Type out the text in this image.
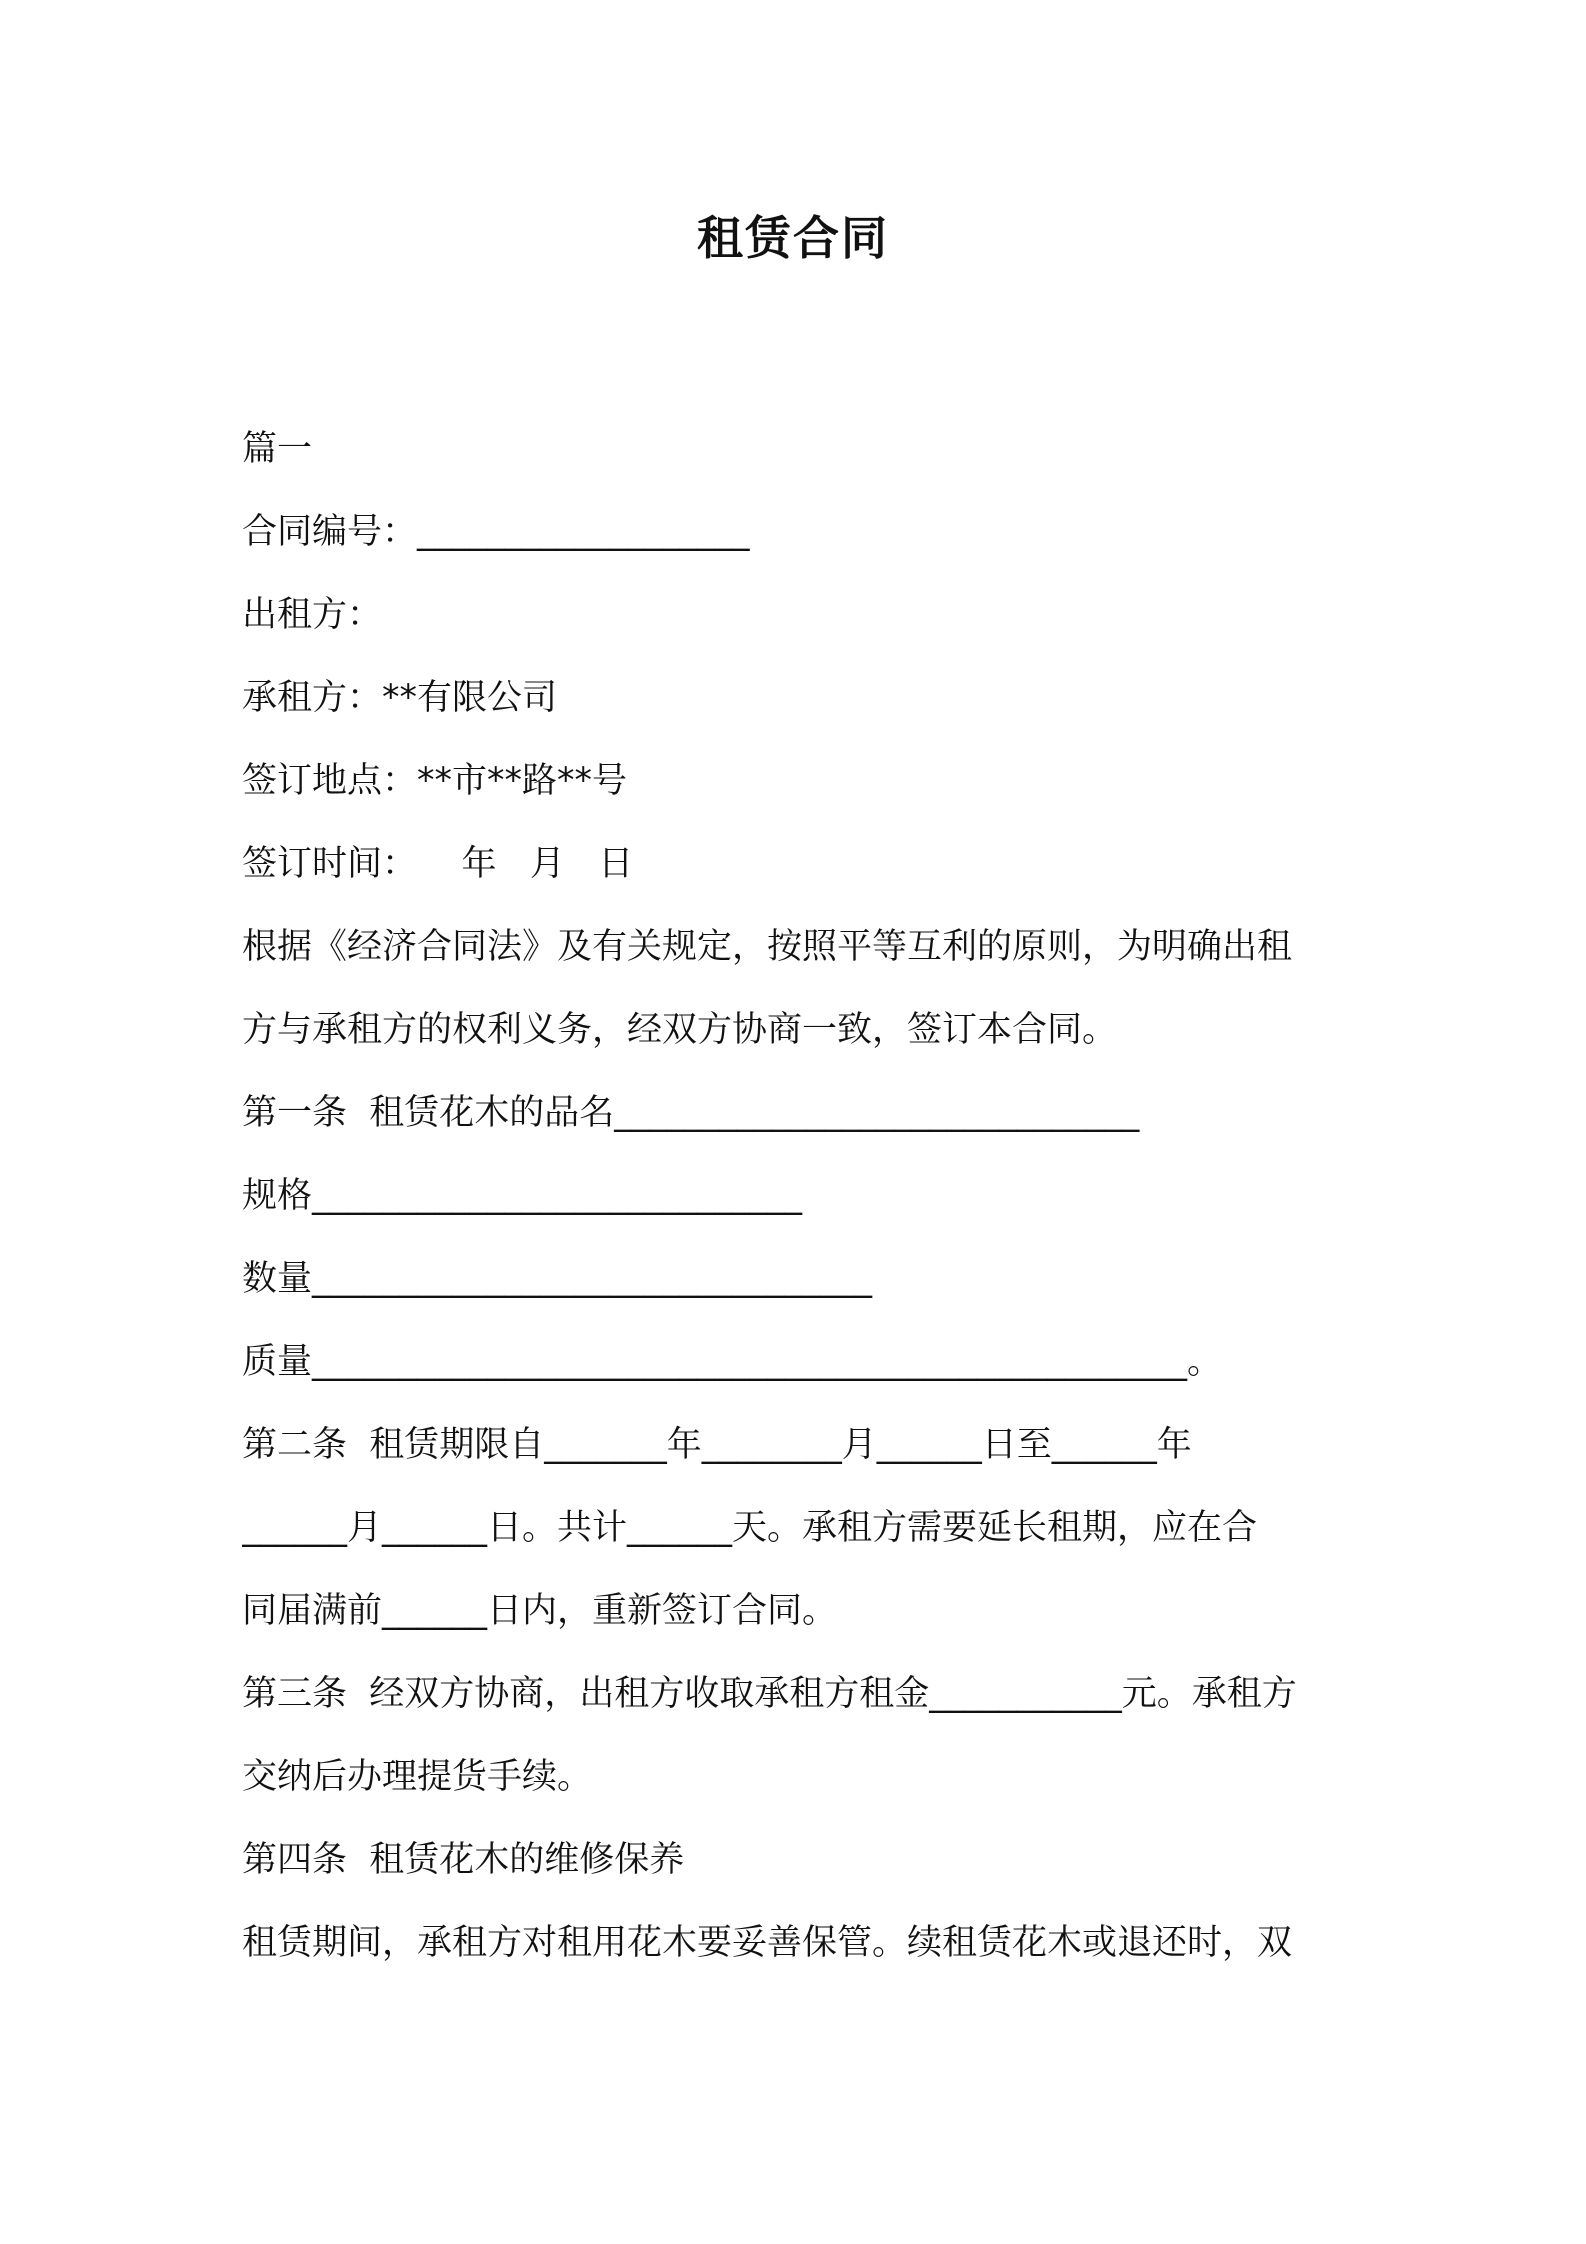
租赁合同
篇一
合同编号：___________________
出租方：
承租方：**有限公司
签订地点：**市**路**号
签订时间：    年   月   日
根据《经济合同法》及有关规定，按照平等互利的原则，为明确出租
方与承租方的权利义务，经双方协商一致，签订本合同。
第一条  租赁花木的品名______________________________
规格____________________________
数量________________________________
质量__________________________________________________。
第二条  租赁期限自_______年________月______日至______年
______月______日。共计______天。承租方需要延长租期，应在合
同届满前______日内，重新签订合同。
第三条  经双方协商，出租方收取承租方租金___________元。承租方
交纳后办理提货手续。
第四条  租赁花木的维修保养
租赁期间，承租方对租用花木要妥善保管。续租赁花木或退还时，双
